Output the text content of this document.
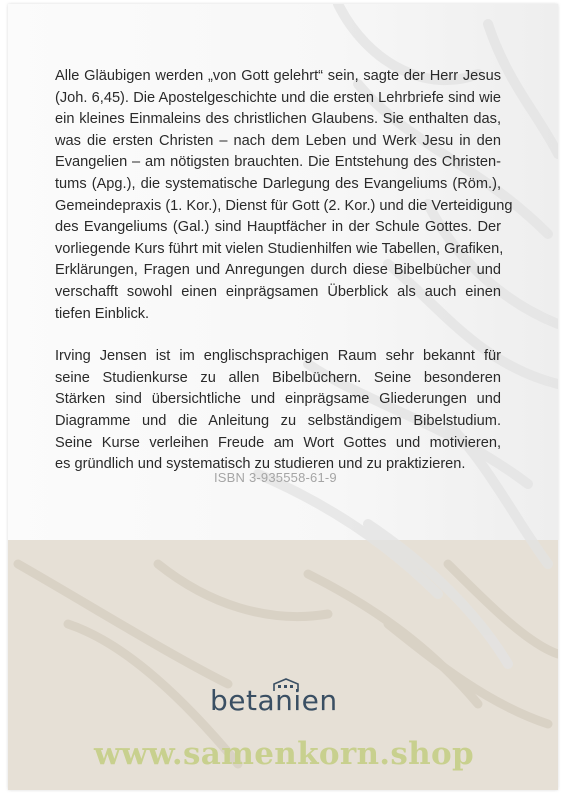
Alle Gläubigen werden „von Gott gelehrt“ sein, sagte der Herr Jesus
(Joh. 6,45). Die Apostelgeschichte und die ersten Lehrbriefe sind wie
ein kleines Einmaleins des christlichen Glaubens. Sie enthalten das,
was die ersten Christen – nach dem Leben und Werk Jesu in den
Evangelien – am nötigsten brauchten. Die Entstehung des Christen-
tums (Apg.), die systematische Darlegung des Evangeliums (Röm.),
Gemeindepraxis (1. Kor.), Dienst für Gott (2. Kor.) und die Verteidigung
des Evangeliums (Gal.) sind Hauptfächer in der Schule Gottes. Der
vorliegende Kurs führt mit vielen Studienhilfen wie Tabellen, Grafiken,
Erklärungen, Fragen und Anregungen durch diese Bibelbücher und
verschafft sowohl einen einprägsamen Überblick als auch einen
tiefen Einblick.
Irving Jensen ist im englischsprachigen Raum sehr bekannt für
seine Studienkurse zu allen Bibelbüchern. Seine besonderen
Stärken sind übersichtliche und einprägsame Gliederungen und
Diagramme und die Anleitung zu selbständigem Bibelstudium.
Seine Kurse verleihen Freude am Wort Gottes und motivieren,
es gründlich und systematisch zu studieren und zu praktizieren.
ISBN 3-935558-61-9
betanien
www.samenkorn.shop
